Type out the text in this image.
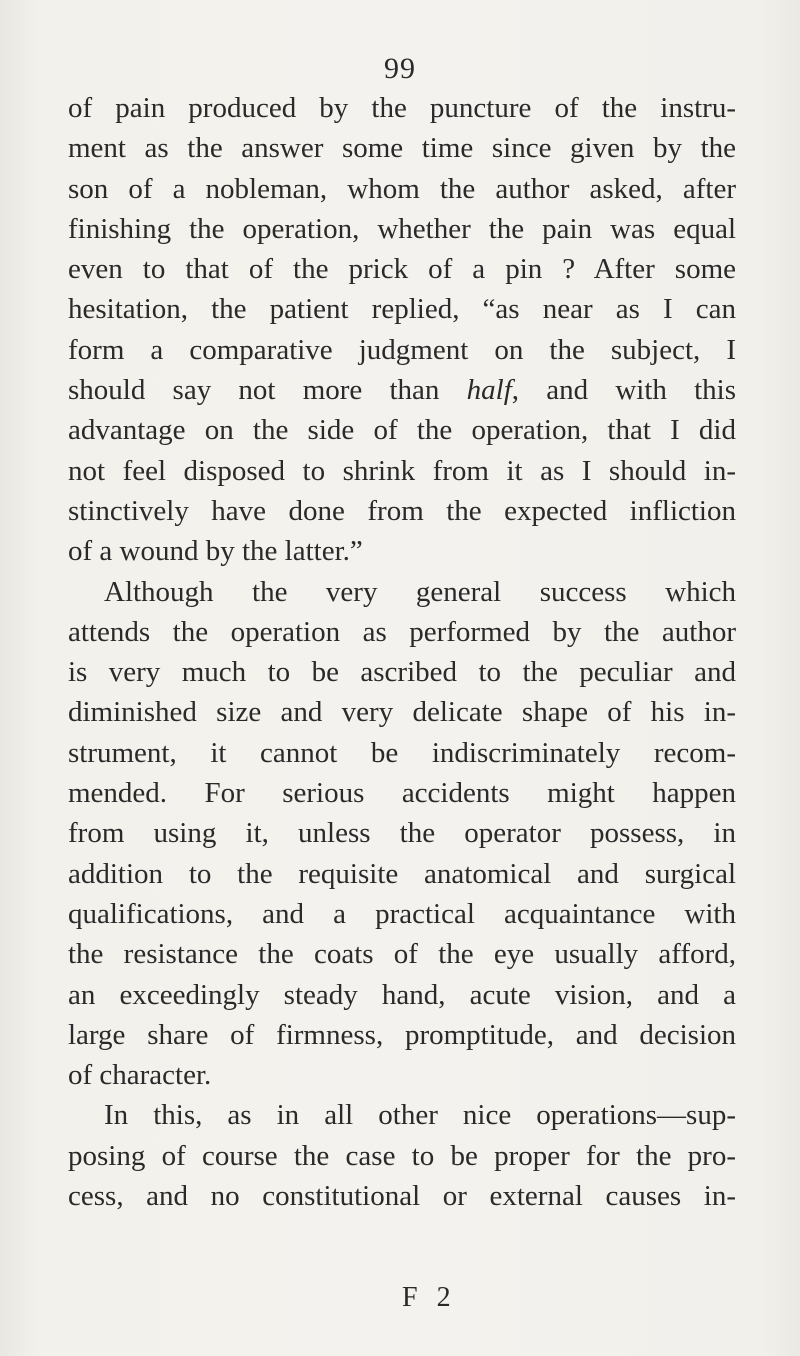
99
of pain produced by the puncture of the instru-
ment as the answer some time since given by the
son of a nobleman, whom the author asked, after
finishing the operation, whether the pain was equal
even to that of the prick of a pin ? After some
hesitation, the patient replied, “as near as I can
form a comparative judgment on the subject, I
should say not more than half, and with this
advantage on the side of the operation, that I did
not feel disposed to shrink from it as I should in-
stinctively have done from the expected infliction
of a wound by the latter.”
Although the very general success which
attends the operation as performed by the author
is very much to be ascribed to the peculiar and
diminished size and very delicate shape of his in-
strument, it cannot be indiscriminately recom-
mended. For serious accidents might happen
from using it, unless the operator possess, in
addition to the requisite anatomical and surgical
qualifications, and a practical acquaintance with
the resistance the coats of the eye usually afford,
an exceedingly steady hand, acute vision, and a
large share of firmness, promptitude, and decision
of character.
In this, as in all other nice operations—sup-
posing of course the case to be proper for the pro-
cess, and no constitutional or external causes in-
F 2
